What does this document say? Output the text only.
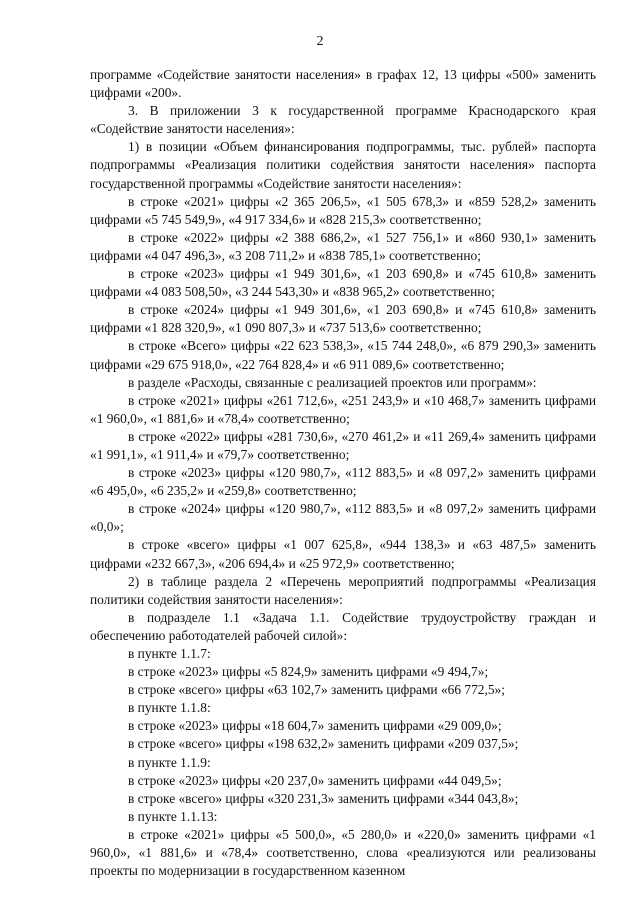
2

программе «Содействие занятости населения» в графах 12, 13 цифры «500» заменить цифрами «200».

3. В приложении 3 к государственной программе Краснодарского края «Содействие занятости населения»:

1) в позиции «Объем финансирования подпрограммы, тыс. рублей» паспорта подпрограммы «Реализация политики содействия занятости населения» паспорта государственной программы «Содействие занятости населения»:

в строке «2021» цифры «2 365 206,5», «1 505 678,3» и «859 528,2» заменить цифрами «5 745 549,9», «4 917 334,6» и «828 215,3» соответственно;

в строке «2022» цифры «2 388 686,2», «1 527 756,1» и «860 930,1» заменить цифрами «4 047 496,3», «3 208 711,2» и «838 785,1» соответственно;

в строке «2023» цифры «1 949 301,6», «1 203 690,8» и «745 610,8» заменить цифрами «4 083 508,50», «3 244 543,30» и «838 965,2» соответственно;

в строке «2024» цифры «1 949 301,6», «1 203 690,8» и «745 610,8» заменить цифрами «1 828 320,9», «1 090 807,3» и «737 513,6» соответственно;

в строке «Всего» цифры «22 623 538,3», «15 744 248,0», «6 879 290,3» заменить цифрами «29 675 918,0», «22 764 828,4» и «6 911 089,6» соответственно;

в разделе «Расходы, связанные с реализацией проектов или программ»:

в строке «2021» цифры «261 712,6», «251 243,9» и «10 468,7» заменить цифрами «1 960,0», «1 881,6» и «78,4» соответственно;

в строке «2022» цифры «281 730,6», «270 461,2» и «11 269,4» заменить цифрами «1 991,1», «1 911,4» и «79,7» соответственно;

в строке «2023» цифры «120 980,7», «112 883,5» и «8 097,2» заменить цифрами «6 495,0», «6 235,2» и «259,8» соответственно;

в строке «2024» цифры «120 980,7», «112 883,5» и «8 097,2» заменить цифрами «0,0»;

в строке «всего» цифры «1 007 625,8», «944 138,3» и «63 487,5» заменить цифрами «232 667,3», «206 694,4» и «25 972,9» соответственно;

2) в таблице раздела 2 «Перечень мероприятий подпрограммы «Реализация политики содействия занятости населения»:

в подразделе 1.1 «Задача 1.1. Содействие трудоустройству граждан и обеспечению работодателей рабочей силой»:

в пункте 1.1.7:

в строке «2023» цифры «5 824,9» заменить цифрами «9 494,7»;

в строке «всего» цифры «63 102,7» заменить цифрами «66 772,5»;

в пункте 1.1.8:

в строке «2023» цифры «18 604,7» заменить цифрами «29 009,0»;

в строке «всего» цифры «198 632,2» заменить цифрами «209 037,5»;

в пункте 1.1.9:

в строке «2023» цифры «20 237,0» заменить цифрами «44 049,5»;

в строке «всего» цифры «320 231,3» заменить цифрами «344 043,8»;

в пункте 1.1.13:

в строке «2021» цифры «5 500,0», «5 280,0» и «220,0» заменить цифрами «1 960,0», «1 881,6» и «78,4» соответственно, слова «реализуются или реализованы проекты по модернизации в государственном казенном
